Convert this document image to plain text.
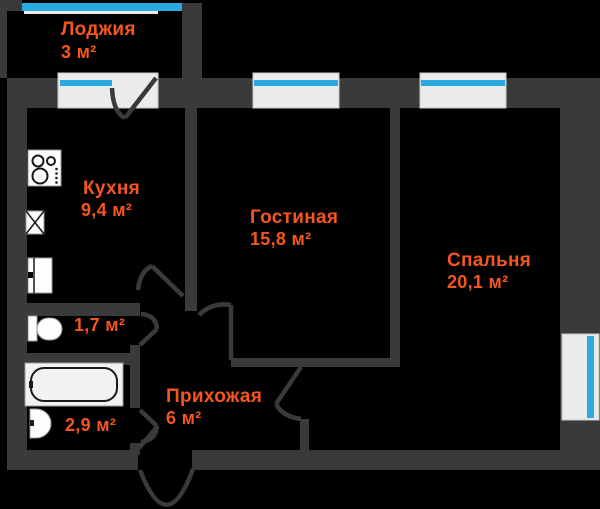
Лоджия
3 м²
Кухня
9,4 м²	Гостиная
15,8 м²
Спальня
20,1 м²
Прихожая
6 м²
1,7 м²
2,9 м²
